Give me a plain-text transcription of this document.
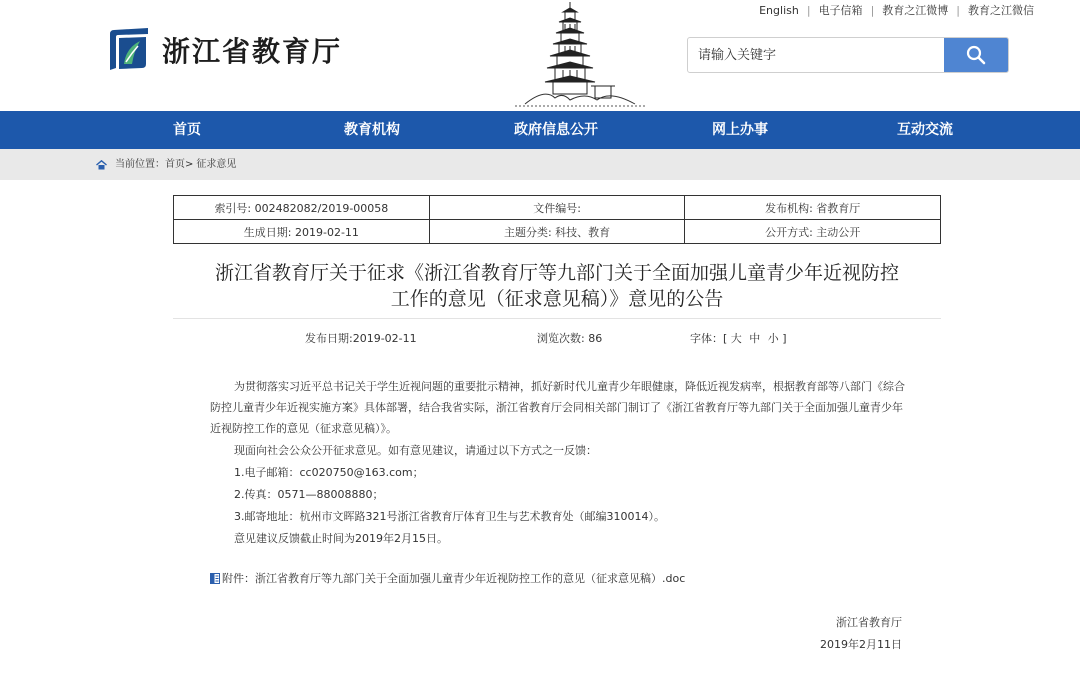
浙江省教育厅
English | 电子信箱 | 教育之江微博 | 教育之江微信
请输入关键字
首页	教育机构	政府信息公开	网上办事	互动交流
当前位置： 首页 > 征求意见
索引号: 002482082/2019-00058	文件编号:	发布机构: 省教育厅
生成日期: 2019-02-11	主题分类: 科技、教育	公开方式: 主动公开
浙江省教育厅关于征求《浙江省教育厅等九部门关于全面加强儿童青少年近视防控
工作的意见（征求意见稿）》意见的公告
发布日期:2019-02-11	浏览次数: 86	字体：[ 大 中 小 ]
为贯彻落实习近平总书记关于学生近视问题的重要批示精神，抓好新时代儿童青少年眼健康，降低近视发病率，根据教育部等八部门《综合防控儿童青少年近视实施方案》具体部署，结合我省实际，浙江省教育厅会同相关部门制订了《浙江省教育厅等九部门关于全面加强儿童青少年近视防控工作的意见（征求意见稿）》。
现面向社会公众公开征求意见。如有意见建议，请通过以下方式之一反馈：
1.电子邮箱：cc020750@163.com；
2.传真：0571—88008880；
3.邮寄地址：杭州市文晖路321号浙江省教育厅体育卫生与艺术教育处（邮编310014）。
意见建议反馈截止时间为2019年2月15日。
附件：浙江省教育厅等九部门关于全面加强儿童青少年近视防控工作的意见（征求意见稿）.doc
浙江省教育厅
2019年2月11日
